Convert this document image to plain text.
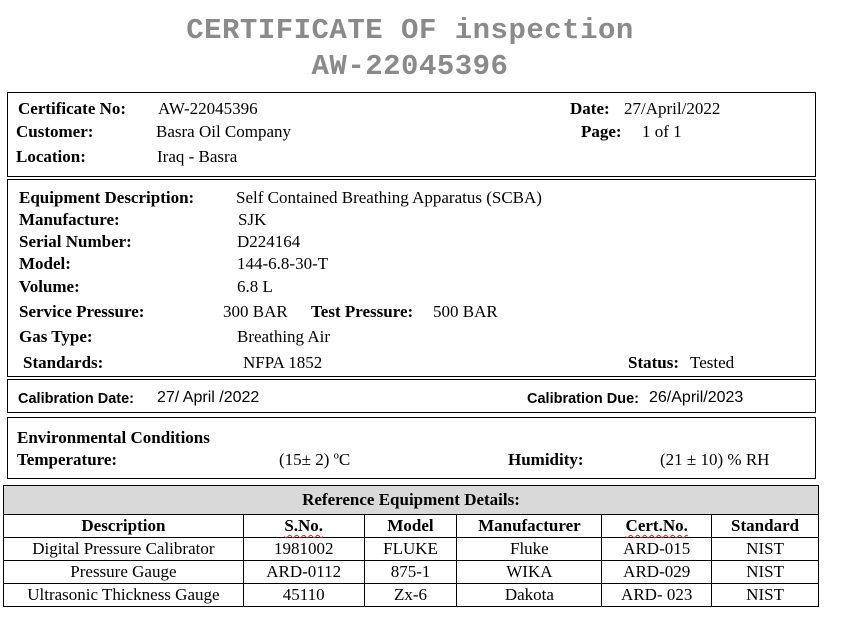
CERTIFICATE OF inspection
AW-22045396
Certificate No: AW-22045396
Customer:	Basra Oil Company
Location:	Iraq - Basra
Date: 27/April/2022
Page: 1 of 1
Equipment Description: Self Contained Breathing Apparatus (SCBA)
Manufacture:	SJK
Serial Number:	D224164
Model:	144-6.8-30-T
Volume:	6.8 L
Service Pressure:	300 BAR Test Pressure: 500 BAR
Gas Type:	Breathing Air
Standards:	NFPA 1852	Status: Tested
Calibration Date: 27/ April /2022	Calibration Due: 26/April/2023
Environmental Conditions
Temperature:	(15± 2) ºC	Humidity:	(21 ± 10) % RH
Reference Equipment Details:					
Description	S.No.	Model	Manufacturer	Cert.No.	Standard
Digital Pressure Calibrator	1981002	FLUKE	Fluke	ARD-015	NIST
Pressure Gauge	ARD-0112	875-1	WIKA	ARD-029	NIST
Ultrasonic Thickness Gauge	45110	Zx-6	Dakota	ARD- 023	NIST
